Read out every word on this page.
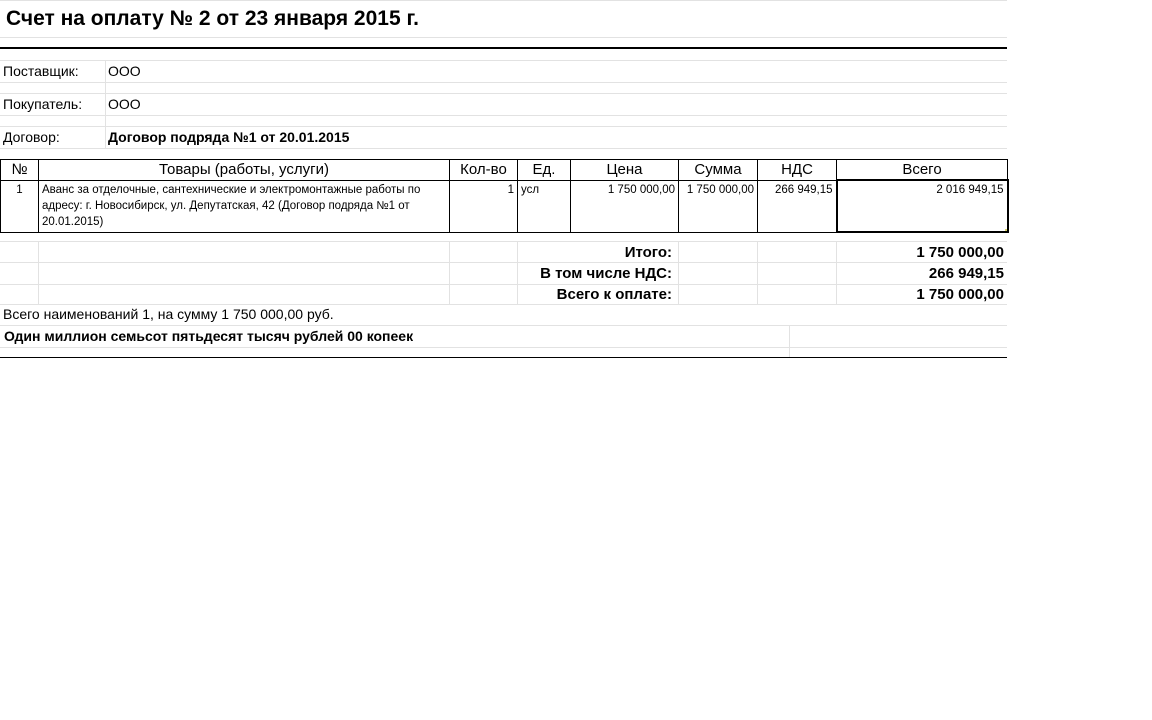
Счет на оплату № 2 от 23 января 2015 г.
Поставщик: ООО
Покупатель: ООО
Договор:	Договор подряда №1 от 20.01.2015
№	Товары (работы, услуги)	Кол-во	Ед.	Цена	Сумма	НДС	Всего
1	Аванс за отделочные, сантехнические и электромонтажные работы по адресу: г. Новосибирск, ул. Депутатская, 42 (Договор подряда №1 от 20.01.2015)	1	усл	1 750 000,00	1 750 000,00	266 949,15	2 016 949,15
Итого:	1 750 000,00
В том числе НДС:	266 949,15
Всего к оплате:	1 750 000,00
Всего наименований 1, на сумму 1 750 000,00 руб.
Один миллион семьсот пятьдесят тысяч рублей 00 копеек
